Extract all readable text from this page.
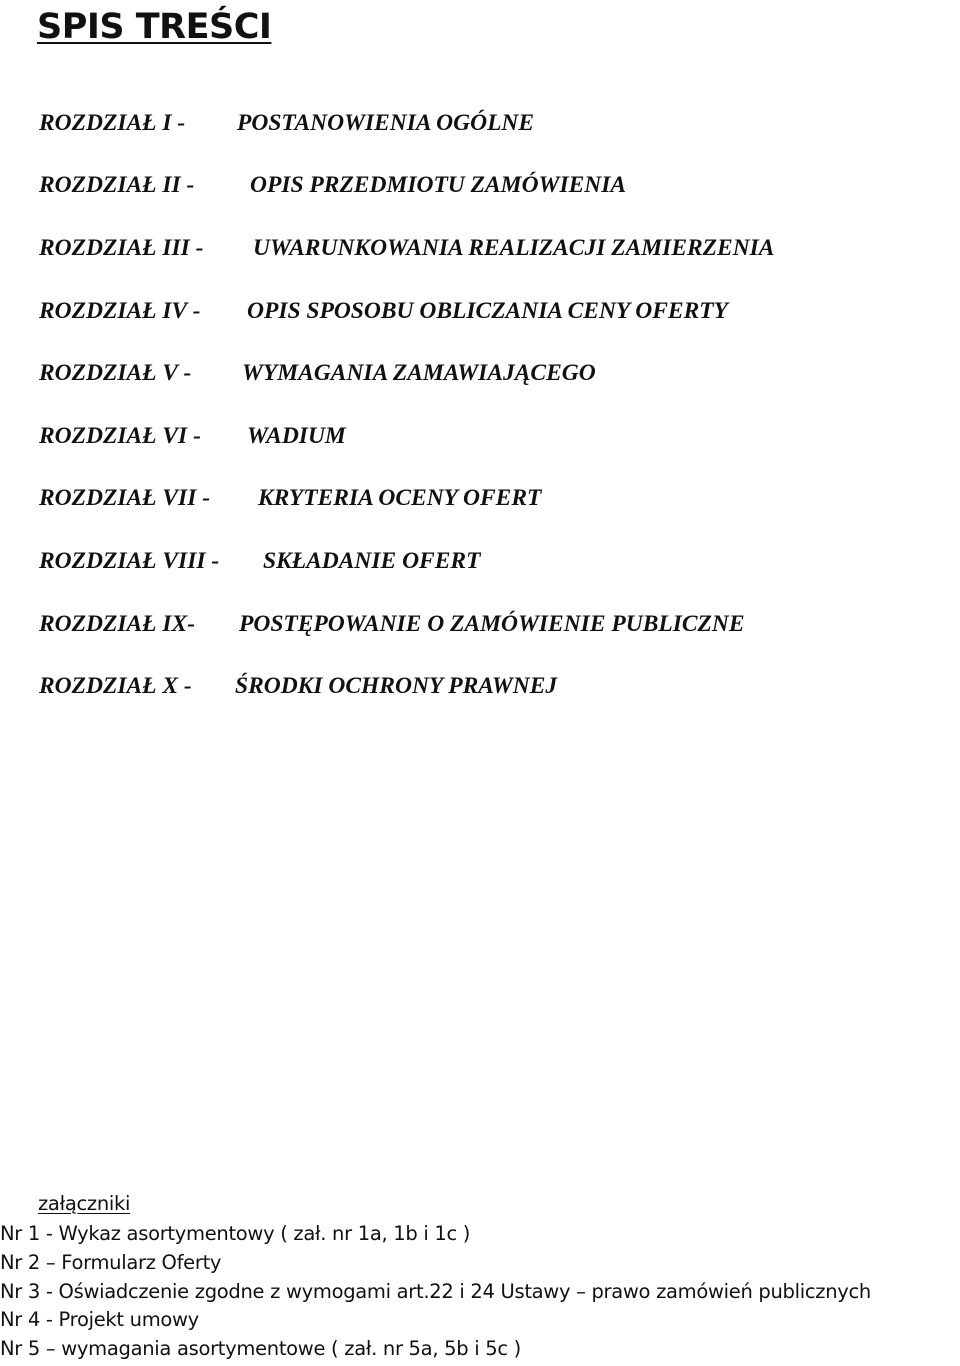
SPIS TREŚCI
ROZDZIAŁ I -	POSTANOWIENIA OGÓLNE
ROZDZIAŁ II -	OPIS PRZEDMIOTU ZAMÓWIENIA
ROZDZIAŁ III -	UWARUNKOWANIA REALIZACJI ZAMIERZENIA
ROZDZIAŁ IV -	OPIS SPOSOBU OBLICZANIA CENY OFERTY
ROZDZIAŁ V -	WYMAGANIA ZAMAWIAJĄCEGO
ROZDZIAŁ VI -	WADIUM
ROZDZIAŁ VII -	KRYTERIA OCENY OFERT
ROZDZIAŁ VIII -	SKŁADANIE OFERT
ROZDZIAŁ IX-	POSTĘPOWANIE O ZAMÓWIENIE PUBLICZNE
ROZDZIAŁ X -	ŚRODKI OCHRONY PRAWNEJ
załączniki
Nr 1 - Wykaz asortymentowy ( zał. nr 1a, 1b i 1c )
Nr 2 – Formularz Oferty
Nr 3 - Oświadczenie zgodne z wymogami art.22 i 24 Ustawy – prawo zamówień publicznych
Nr 4 - Projekt umowy
Nr 5 – wymagania asortymentowe ( zał. nr 5a, 5b i 5c )
